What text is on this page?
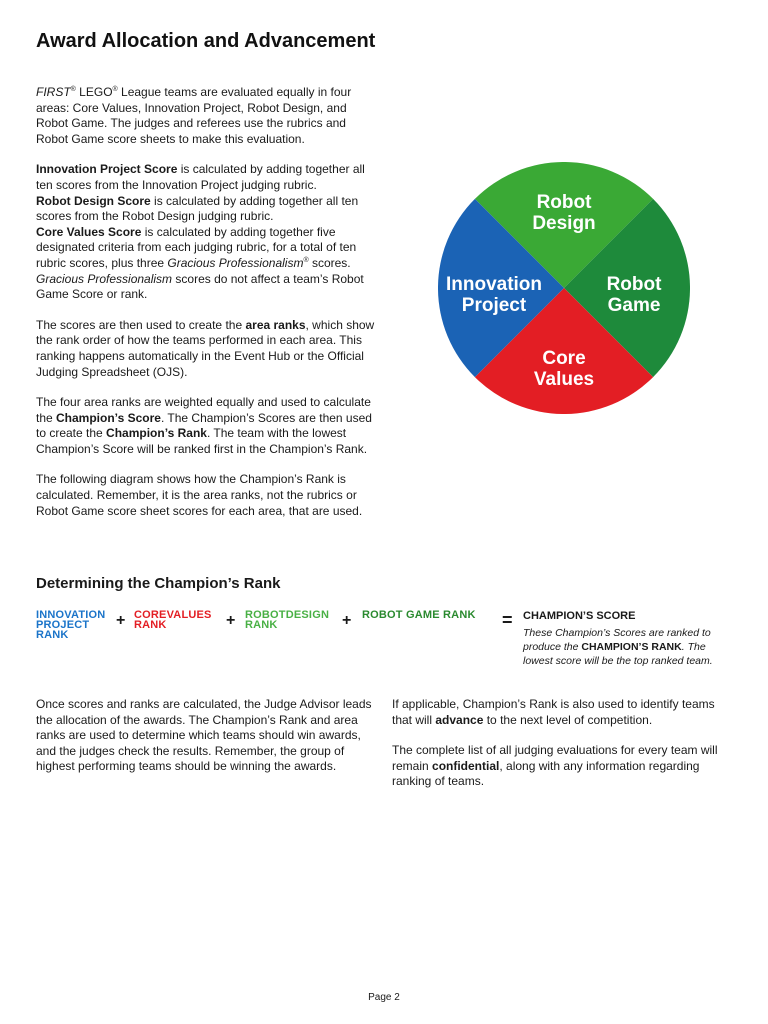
Award Allocation and Advancement

FIRST® LEGO® League teams are evaluated equally in four areas: Core Values, Innovation Project, Robot Design, and Robot Game. The judges and referees use the rubrics and Robot Game score sheets to make this evaluation.

Innovation Project Score is calculated by adding together all ten scores from the Innovation Project judging rubric.

Robot Design Score is calculated by adding together all ten scores from the Robot Design judging rubric.

Core Values Score is calculated by adding together five designated criteria from each judging rubric, for a total of ten rubric scores, plus three Gracious Professionalism® scores. Gracious Professionalism scores do not affect a team’s Robot Game Score or rank.

The scores are then used to create the area ranks, which show the rank order of how the teams performed in each area. This ranking happens automatically in the Event Hub or the Official Judging Spreadsheet (OJS).

The four area ranks are weighted equally and used to calculate the Champion’s Score. The Champion’s Scores are then used to create the Champion’s Rank. The team with the lowest Champion’s Score will be ranked first in the Champion’s Rank.

The following diagram shows how the Champion’s Rank is calculated. Remember, it is the area ranks, not the rubrics or Robot Game score sheet scores for each area, that are used.

Robot
Design
Robot
Game
Core
Values
Innovation
Project
Determining the Champion’s Rank
INNOVATION
PROJECT
RANK
+ COREVALUES
RANK	+ ROBOTDESIGN
RANK	+ ROBOT GAME RANK = CHAMPION’S SCORE
These Champion’s Scores are ranked to produce the CHAMPION’S RANK. The lowest score will be the top ranked team.

Once scores and ranks are calculated, the Judge Advisor leads the allocation of the awards. The Champion’s Rank and area ranks are used to determine which teams should win awards, and the judges check the results. Remember, the group of highest performing teams should be winning the awards.

If applicable, Champion’s Rank is also used to identify teams that will advance to the next level of competition.

The complete list of all judging evaluations for every team will remain confidential, along with any information regarding ranking of teams.

Page 2
